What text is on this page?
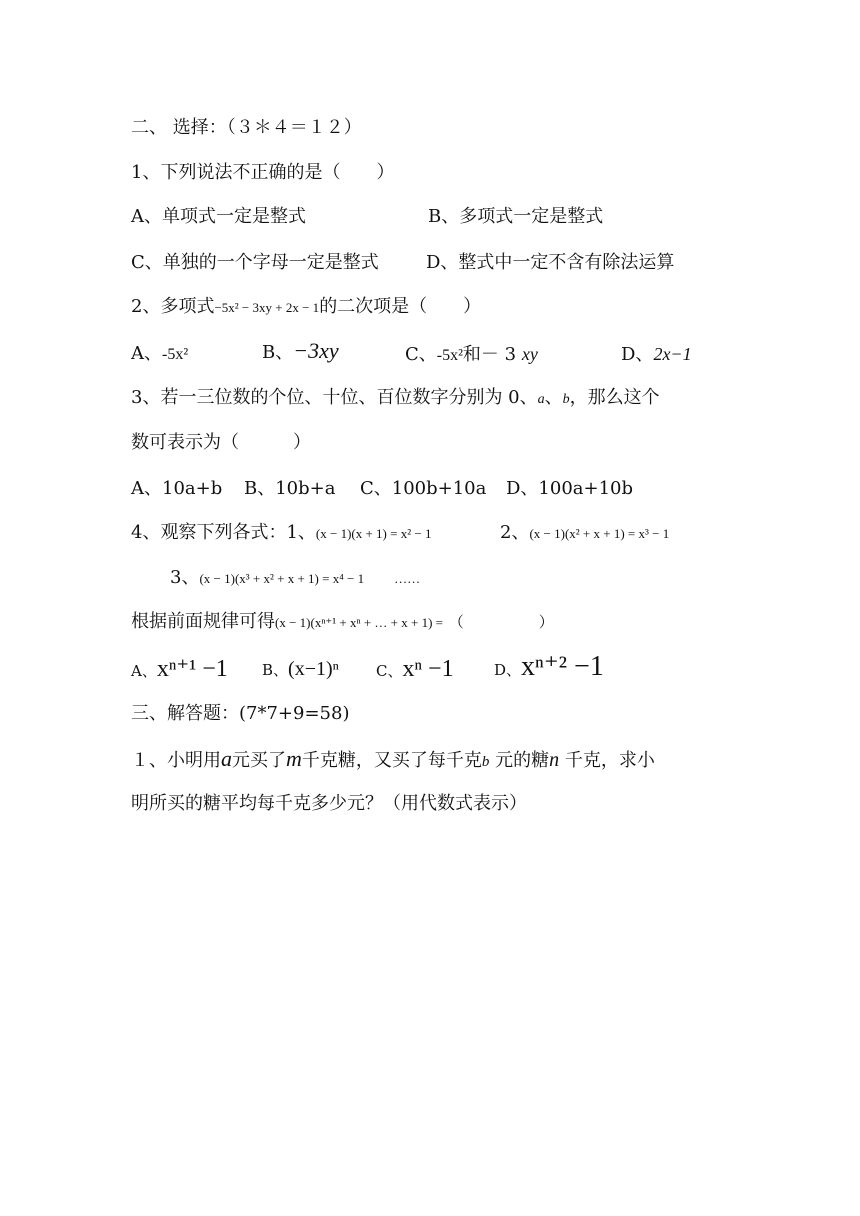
二、 选择：（３＊４＝１２）
1、下列说法不正确的是（　　）
A、单项式一定是整式	B、多项式一定是整式
C、单独的一个字母一定是整式	D、整式中一定不含有除法运算
2、多项式−5x² − 3xy + 2x − 1的二次项是（　　）
A、-5x²	B、−3xy	C、-5x²和－ 3 xy	D、2x−1
3、若一三位数的个位、十位、百位数字分别为 0、a、b，那么这个
数可表示为（　　　）
A、10a+b B、10b+a C、100b+10a D、100a+10b
4、观察下列各式：1、(x − 1)(x + 1) = x² − 1	2、(x − 1)(x² + x + 1) = x³ − 1
3、(x − 1)(x³ + x² + x + 1) = x⁴ − 1 ……
根据前面规律可得(x − 1)(xⁿ⁺¹ + xⁿ + … + x + 1) = （　　　　　）
A、xⁿ⁺¹ −1 B、(x−1)ⁿ C、xⁿ −1	D、xⁿ⁺² −1
三、解答题：(7*7+9=58)
１、小明用a元买了m千克糖，又买了每千克b 元的糖n 千克，求小
明所买的糖平均每千克多少元？（用代数式表示）
